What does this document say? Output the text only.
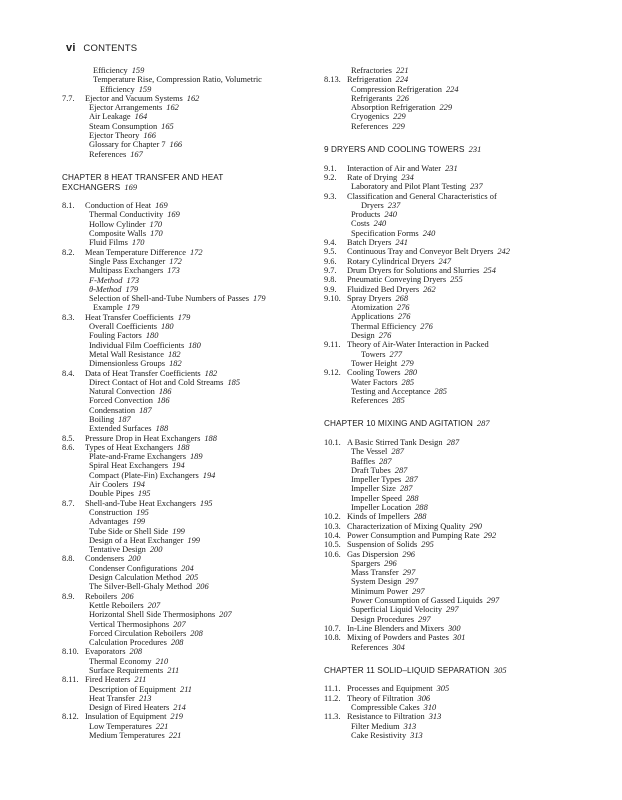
vi CONTENTS
Efficiency 159
Temperature Rise, Compression Ratio, Volumetric
Efficiency 159
7.7. Ejector and Vacuum Systems 162
Ejector Arrangements 162
Air Leakage 164
Steam Consumption 165
Ejector Theory 166
Glossary for Chapter 7 166
References 167
CHAPTER 8 HEAT TRANSFER AND HEAT
EXCHANGERS 169
8.1. Conduction of Heat 169
Thermal Conductivity 169
Hollow Cylinder 170
Composite Walls 170
Fluid Films 170
8.2. Mean Temperature Difference 172
Single Pass Exchanger 172
Multipass Exchangers 173
F-Method 173
θ-Method 179
Selection of Shell-and-Tube Numbers of Passes 179
Example 179
8.3. Heat Transfer Coefficients 179
Overall Coefficients 180
Fouling Factors 180
Individual Film Coefficients 180
Metal Wall Resistance 182
Dimensionless Groups 182
8.4. Data of Heat Transfer Coefficients 182
Direct Contact of Hot and Cold Streams 185
Natural Convection 186
Forced Convection 186
Condensation 187
Boiling 187
Extended Surfaces 188
8.5. Pressure Drop in Heat Exchangers 188
8.6. Types of Heat Exchangers 188
Plate-and-Frame Exchangers 189
Spiral Heat Exchangers 194
Compact (Plate-Fin) Exchangers 194
Air Coolers 194
Double Pipes 195
8.7. Shell-and-Tube Heat Exchangers 195
Construction 195
Advantages 199
Tube Side or Shell Side 199
Design of a Heat Exchanger 199
Tentative Design 200
8.8. Condensers 200
Condenser Configurations 204
Design Calculation Method 205
The Silver-Bell-Ghaly Method 206
8.9. Reboilers 206
Kettle Reboilers 207
Horizontal Shell Side Thermosiphons 207
Vertical Thermosiphons 207
Forced Circulation Reboilers 208
Calculation Procedures 208
8.10. Evaporators 208
Thermal Economy 210
Surface Requirements 211
8.11. Fired Heaters 211
Description of Equipment 211
Heat Transfer 213
Design of Fired Heaters 214
8.12. Insulation of Equipment 219
Low Temperatures 221
Medium Temperatures 221
Refractories 221
8.13. Refrigeration 224
Compression Refrigeration 224
Refrigerants 226
Absorption Refrigeration 229
Cryogenics 229
References 229
9 DRYERS AND COOLING TOWERS 231
9.1. Interaction of Air and Water 231
9.2. Rate of Drying 234
Laboratory and Pilot Plant Testing 237
9.3. Classification and General Characteristics of
Dryers 237
Products 240
Costs 240
Specification Forms 240
9.4. Batch Dryers 241
9.5. Continuous Tray and Conveyor Belt Dryers 242
9.6. Rotary Cylindrical Dryers 247
9.7. Drum Dryers for Solutions and Slurries 254
9.8. Pneumatic Conveying Dryers 255
9.9. Fluidized Bed Dryers 262
9.10. Spray Dryers 268
Atomization 276
Applications 276
Thermal Efficiency 276
Design 276
9.11. Theory of Air-Water Interaction in Packed
Towers 277
Tower Height 279
9.12. Cooling Towers 280
Water Factors 285
Testing and Acceptance 285
References 285
CHAPTER 10 MIXING AND AGITATION 287
10.1. A Basic Stirred Tank Design 287
The Vessel 287
Baffles 287
Draft Tubes 287
Impeller Types 287
Impeller Size 287
Impeller Speed 288
Impeller Location 288
10.2. Kinds of Impellers 288
10.3. Characterization of Mixing Quality 290
10.4. Power Consumption and Pumping Rate 292
10.5. Suspension of Solids 295
10.6. Gas Dispersion 296
Spargers 296
Mass Transfer 297
System Design 297
Minimum Power 297
Power Consumption of Gassed Liquids 297
Superficial Liquid Velocity 297
Design Procedures 297
10.7. In-Line Blenders and Mixers 300
10.8. Mixing of Powders and Pastes 301
References 304
CHAPTER 11 SOLID–LIQUID SEPARATION 305
11.1. Processes and Equipment 305
11.2. Theory of Filtration 306
Compressible Cakes 310
11.3. Resistance to Filtration 313
Filter Medium 313
Cake Resistivity 313
